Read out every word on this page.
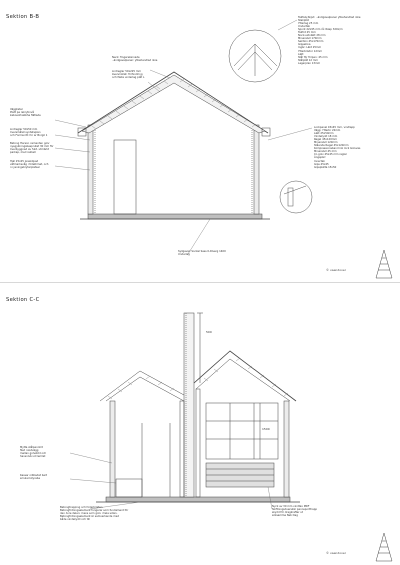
Sektion B-B
Neck: fingerskarvade
..ändgavelpaner: ytbehandlad nkie
Lintreglar 50x225 mm
ävervinklat: förhindring
och fästa underlag plåt L
Vägglister
Platt pa rekrytnivå
kaboeofnabbha flätlade
Lintreglar 50x50 mm
översmålet syntetsplan
och Formsnitt: for ar Borgö 1
Betong Harson cementen golv
nysgjutningsbesprutat 30 mm för
överbyggnad av fukt. utmärkt
parkap, med reklam
Hall 25x25 presklipad
våtmarksvåg i tidsklimat, och
i nysningsbrytarplatser
Syllgavel: Sockel Sass 0-Riverg 1400
Underlag
Takfals:Skjut: ..ändgavelpaner ytbehandlad nkie
Stakplåt
Ytterlag 25 mm
Undertak
Spont 22x95 mm rå: Räsp 320x/m
Takfot 25 mm
Nock-sidoläkt 28 mm
Mineralull 170mm
Sektion 45x170mm
Gipsskiva
Ingår: Läkt 25mm
Ytterbrädor 12mm
Läkt
Stål för förpan: 45 mm
Stålplåt 12 mm
Lagerplan 13mm
Lockpanel 45x45 mm, vindlapp
Vägg: Ytterbr 22mm
Läkt 25x50mm
Vindskydd 18 mm
Regel 45x120mm
Mineralull 120mm
Stående Regel 45x120mm
Kompressionsband ink lock Golvvas
Mineralull 45 mm
Cc-golv 45x45 mm reglar
Ångspärr
Innertak
Gips 45x45
Gipsplatta 15x50
© vaendover
Sektion C-C
500
1500
Mytta stålpannlöt
fäst i slutvägg
mellan golvstöd och
havsnivå vid lemlet
Kassar odbladat bart
smulad styrebe
Betongtrapping och foderbräden
Betongfotningselement fungerar som fundament för
den övre delen: mens som golv i hela sidan.
Betongfotningselement är samverkande med
både vindskydd och till
Nyck av 30 mm vindtax MDF
Skiftningsöverskär pannsporttrapp
skydd för dragkrafter ut
söksamma Nsb Dag
© vaendover
